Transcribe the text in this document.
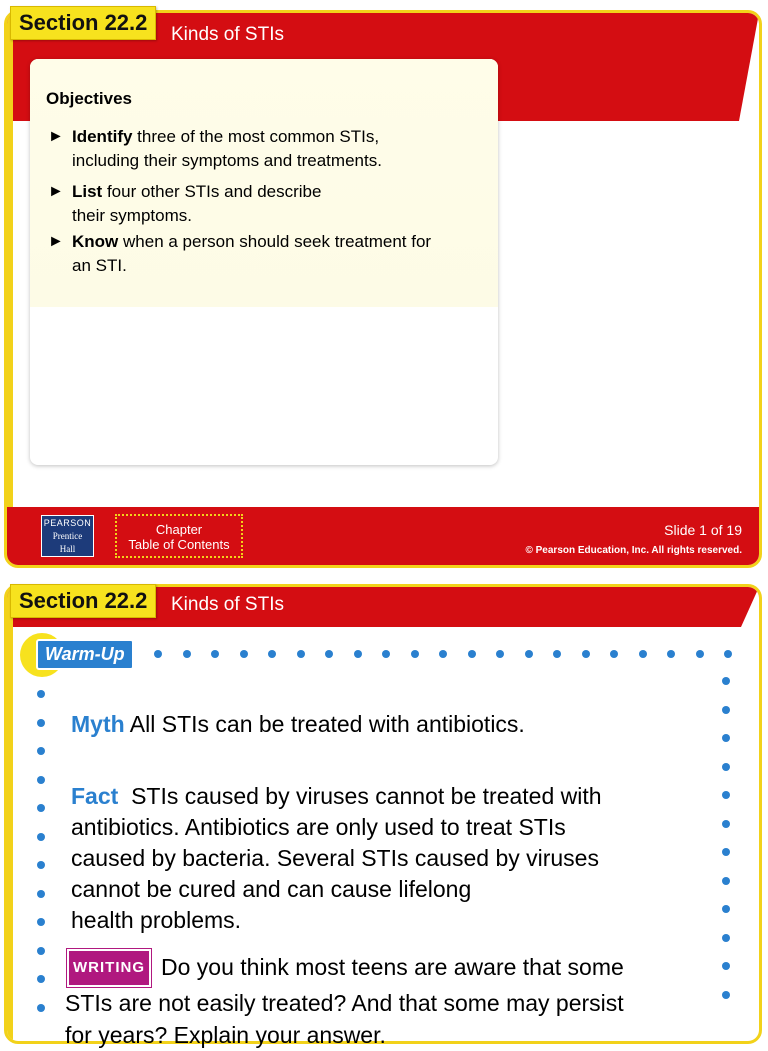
Section 22.2	Kinds of STIs
Objectives
► Identify three of the most common STIs,
including their symptoms and treatments.
► List four other STIs and describe
their symptoms.
► Know when a person should seek treatment for
an STI.
PEARSON
Prentice
Hall
Chapter
Table of Contents
Slide 1 of 19
© Pearson Education, Inc. All rights reserved.
Section 22.2	Kinds of STIs
Warm-Up
Myth All STIs can be treated with antibiotics.
Fact  STIs caused by viruses cannot be treated with
antibiotics. Antibiotics are only used to treat STIs
caused by bacteria. Several STIs caused by viruses
cannot be cured and can cause lifelong
health problems.
WRITING Do you think most teens are aware that some
STIs are not easily treated? And that some may persist
for years? Explain your answer.
